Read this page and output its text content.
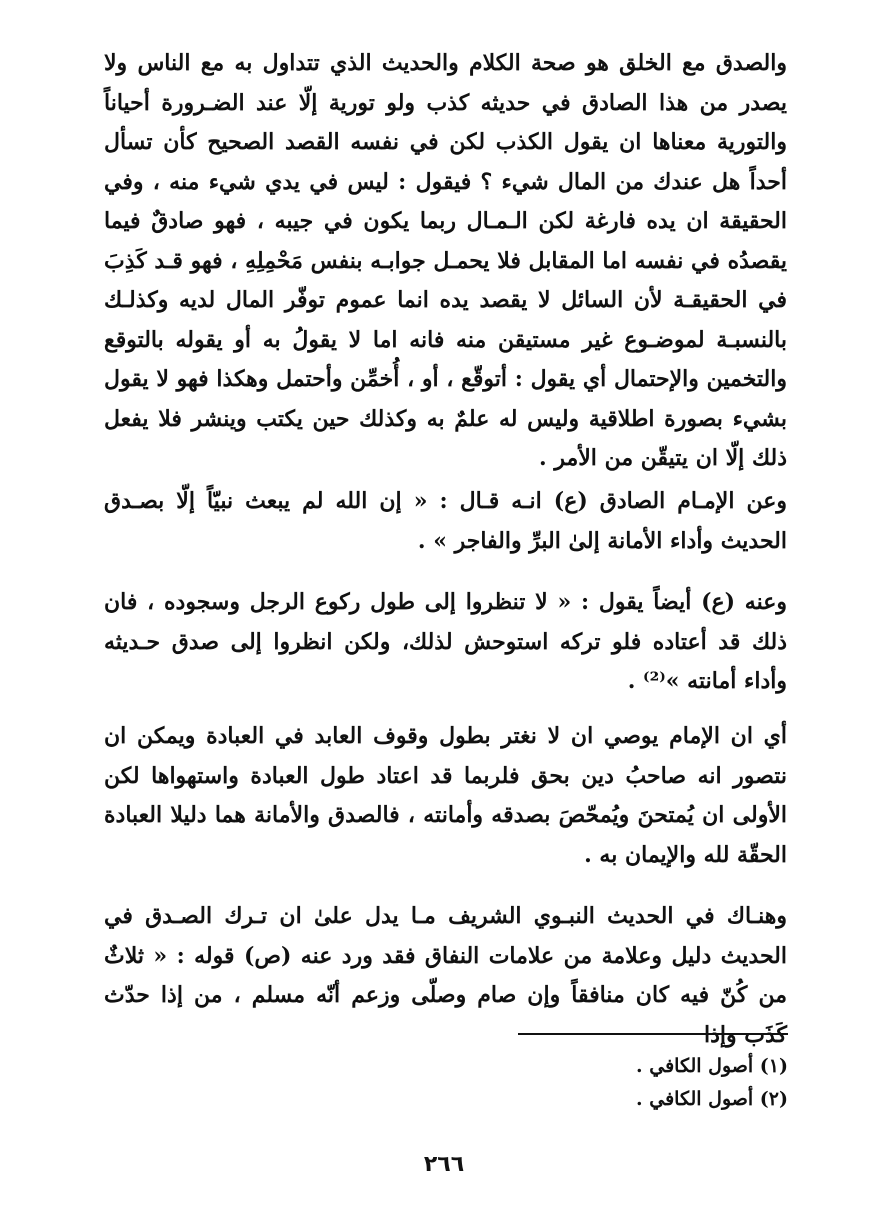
والصدق مع الخلق هو صحة الكلام والحديث الذي تتداول به مع الناس ولا يصدر من هذا الصادق في حديثه كذب ولو تورية إلّا عند الضـرورة أحياناً والتورية معناها ان يقول الكذب لكن في نفسه القصد الصحيح كأن تسأل أحداً هل عندك من المال شيء ؟ فيقول : ليس في يدي شيء منه ، وفي الحقيقة ان يده فارغة لكن الـمـال ربما يكون في جيبه ، فهو صادقٌ فيما يقصدُه في نفسه اما المقابل فلا يحمـل جوابـه بنفس مَحْمِلِهِ ، فهو قـد كَذِبَ في الحقيقـة لأن السائل لا يقصد يده انما عموم توفّر المال لديه وكذلـك بالنسبـة لموضـوع غير مستيقن منه فانه اما لا يقولُ به أو يقوله بالتوقع والتخمين والإحتمال أي يقول : أتوقّع ، أو ، أُخمِّن وأحتمل وهكذا فهو لا يقول بشيء بصورة اطلاقية وليس له علمٌ به وكذلك حين يكتب وينشر فلا يفعل ذلك إلّا ان يتيقّن من الأمر .

وعن الإمـام الصادق (ع) انـه قـال : « إن الله لم يبعث نبيّاً إلّا بصـدق الحديث وأداء الأمانة إلىٰ البرِّ والفاجر » .

وعنه (ع) أيضاً يقول : « لا تنظروا إلى طول ركوع الرجل وسجوده ، فان ذلك قد أعتاده فلو تركه استوحش لذلك، ولكن انظروا إلى صدق حـديثه وأداء أمانته »⁽²⁾ .

أي ان الإمام يوصي ان لا نغتر بطول وقوف العابد في العبادة ويمكن ان نتصور انه صاحبُ دين بحق فلربما قد اعتاد طول العبادة واستهواها لكن الأولى ان يُمتحنَ ويُمحّصَ بصدقه وأمانته ، فالصدق والأمانة هما دليلا العبادة الحقّة لله والإيمان به .

وهنـاك في الحديث النبـوي الشريف مـا يدل علىٰ ان تـرك الصـدق في الحديث دليل وعلامة من علامات النفاق فقد ورد عنه (ص) قوله : « ثلاثٌ من كُنّ فيه كان منافقاً وإن صام وصلّى وزعم أنّه مسلم ، من إذا حدّث كَذَب وإذا

(١) أصول الكافي .

(٢) أصول الكافي .

٢٦٦
